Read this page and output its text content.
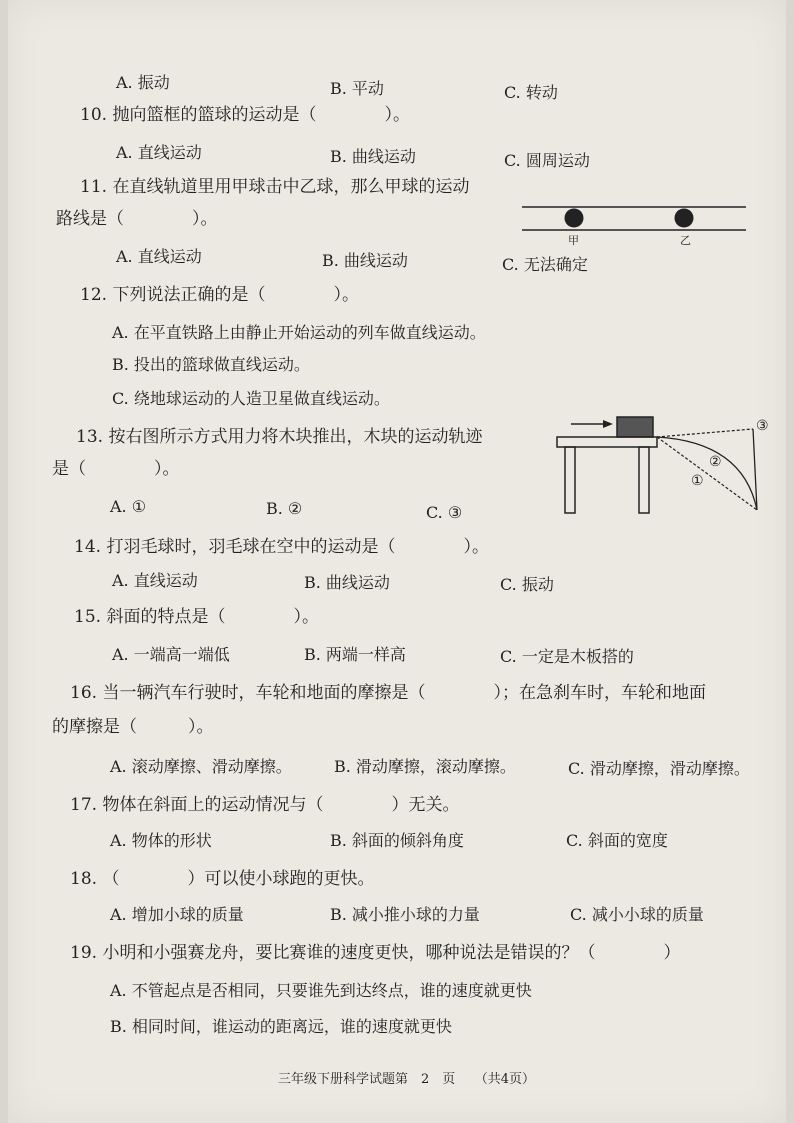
A. 振动	B. 平动	C. 转动
10. 抛向篮框的篮球的运动是（　　　　）。
A. 直线运动	B. 曲线运动	C. 圆周运动
11. 在直线轨道里用甲球击中乙球，那么甲球的运动
路线是（　　　　）。
甲	乙
A. 直线运动	B. 曲线运动	C. 无法确定
12. 下列说法正确的是（　　　　）。
A. 在平直铁路上由静止开始运动的列车做直线运动。
B. 投出的篮球做直线运动。
C. 绕地球运动的人造卫星做直线运动。
13. 按右图所示方式用力将木块推出，木块的运动轨迹
是（　　　　）。
①
②
③
A. ①	B. ②	C. ③
14. 打羽毛球时，羽毛球在空中的运动是（　　　　）。
A. 直线运动	B. 曲线运动	C. 振动
15. 斜面的特点是（　　　　）。
A. 一端高一端低	B. 两端一样高	C. 一定是木板搭的
16. 当一辆汽车行驶时，车轮和地面的摩擦是（　　　　）；在急刹车时，车轮和地面
的摩擦是（　　　）。
A. 滚动摩擦、滑动摩擦。	B. 滑动摩擦，滚动摩擦。	C. 滑动摩擦，滑动摩擦。
17. 物体在斜面上的运动情况与（　　　　）无关。
A. 物体的形状	B. 斜面的倾斜角度	C. 斜面的宽度
18. （　　　　）可以使小球跑的更快。
A. 增加小球的质量	B. 减小推小球的力量	C. 减小小球的质量
19. 小明和小强赛龙舟，要比赛谁的速度更快，哪种说法是错误的？（　　　　）
A. 不管起点是否相同，只要谁先到达终点，谁的速度就更快
B. 相同时间，谁运动的距离远，谁的速度就更快
三年级下册科学试题第　2　页　　（共4页）
